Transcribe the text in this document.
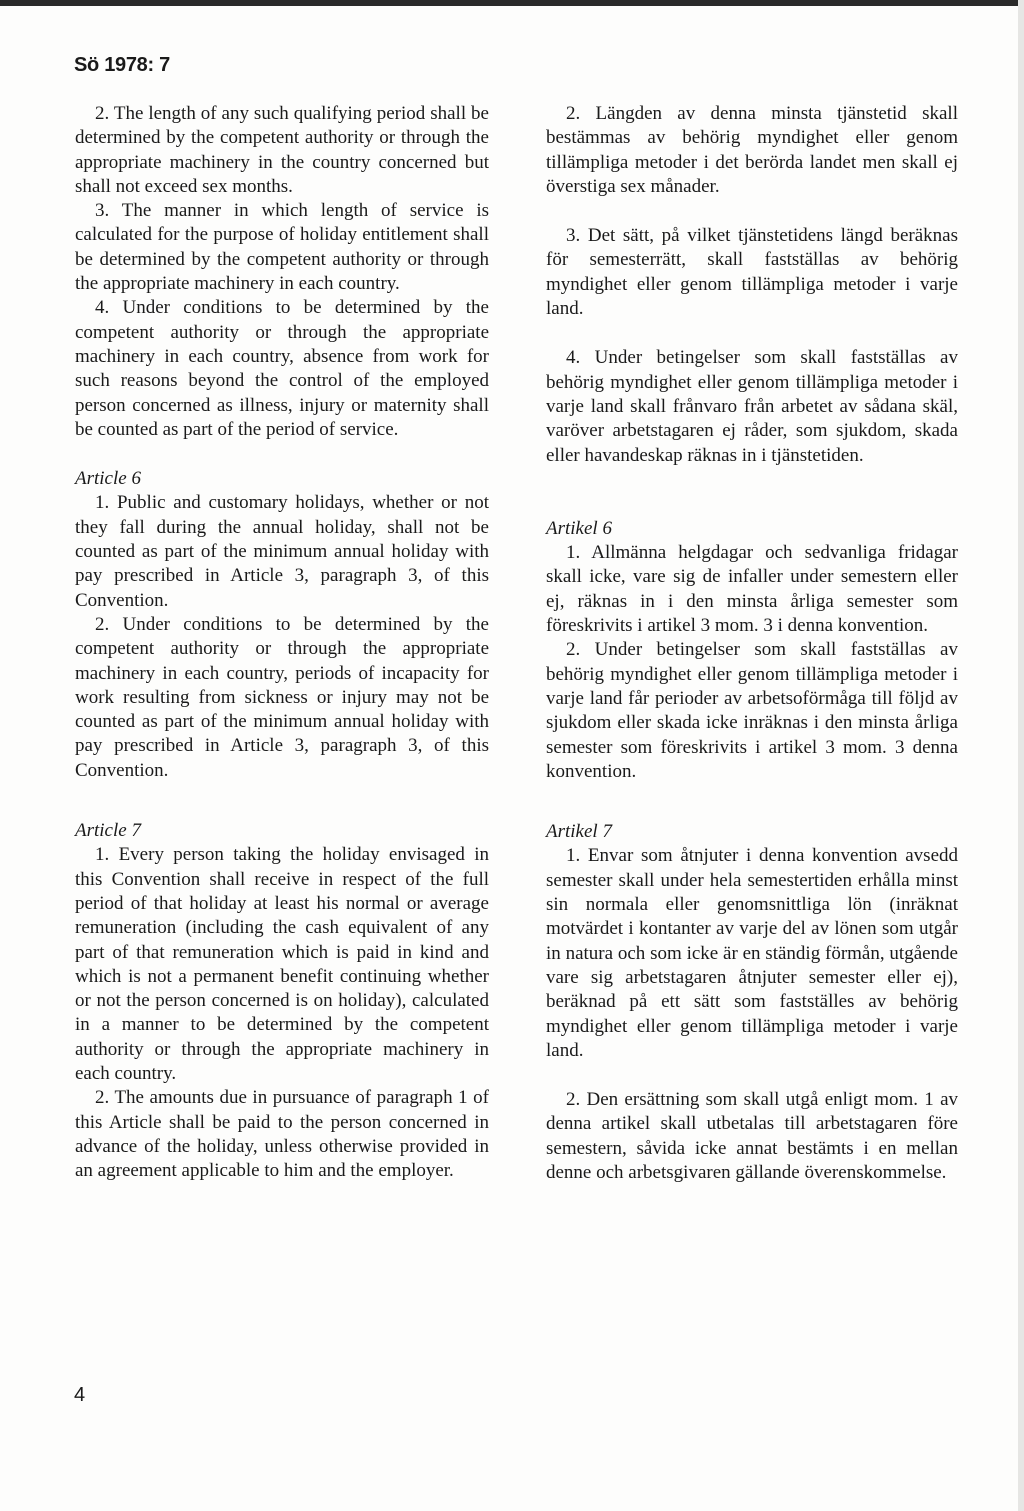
Sö 1978: 7

2. The length of any such qualifying period shall be determined by the competent authority or through the appropriate machinery in the country concerned but shall not exceed sex months.

3. The manner in which length of service is calculated for the purpose of holiday entitlement shall be determined by the competent authority or through the appropriate machinery in each country.

4. Under conditions to be determined by the competent authority or through the appropriate machinery in each country, absence from work for such reasons beyond the control of the employed person concerned as illness, injury or maternity shall be counted as part of the period of service.

Article 6

1. Public and customary holidays, whether or not they fall during the annual holiday, shall not be counted as part of the minimum annual holiday with pay prescribed in Article 3, paragraph 3, of this Convention.

2. Under conditions to be determined by the competent authority or through the appropriate machinery in each country, periods of incapacity for work resulting from sickness or injury may not be counted as part of the minimum annual holiday with pay prescribed in Article 3, paragraph 3, of this Convention.

Article 7

1. Every person taking the holiday envisaged in this Convention shall receive in respect of the full period of that holiday at least his normal or average remuneration (including the cash equivalent of any part of that remuneration which is paid in kind and which is not a permanent benefit continuing whether or not the person concerned is on holiday), calculated in a manner to be determined by the competent authority or through the appropriate machinery in each country.

2. The amounts due in pursuance of paragraph 1 of this Article shall be paid to the person concerned in advance of the holiday, unless otherwise provided in an agreement applicable to him and the employer.

2. Längden av denna minsta tjänstetid skall bestämmas av behörig myndighet eller genom tillämpliga metoder i det berörda landet men skall ej överstiga sex månader.

3. Det sätt, på vilket tjänstetidens längd beräknas för semesterrätt, skall fastställas av behörig myndighet eller genom tillämpliga metoder i varje land.

4. Under betingelser som skall fastställas av behörig myndighet eller genom tillämpliga metoder i varje land skall frånvaro från arbetet av sådana skäl, varöver arbetstagaren ej råder, som sjukdom, skada eller havandeskap räknas in i tjänstetiden.

Artikel 6

1. Allmänna helgdagar och sedvanliga fridagar skall icke, vare sig de infaller under semestern eller ej, räknas in i den minsta årliga semester som föreskrivits i artikel 3 mom. 3 i denna konvention.

2. Under betingelser som skall fastställas av behörig myndighet eller genom tillämpliga metoder i varje land får perioder av arbetsoförmåga till följd av sjukdom eller skada icke inräknas i den minsta årliga semester som föreskrivits i artikel 3 mom. 3 denna konvention.

Artikel 7

1. Envar som åtnjuter i denna konvention avsedd semester skall under hela semestertiden erhålla minst sin normala eller genomsnittliga lön (inräknat motvärdet i kontanter av varje del av lönen som utgår in natura och som icke är en ständig förmån, utgående vare sig arbetstagaren åtnjuter semester eller ej), beräknad på ett sätt som fastställes av behörig myndighet eller genom tillämpliga metoder i varje land.

2. Den ersättning som skall utgå enligt mom. 1 av denna artikel skall utbetalas till arbetstagaren före semestern, såvida icke annat bestämts i en mellan denne och arbetsgivaren gällande överenskommelse.

4
